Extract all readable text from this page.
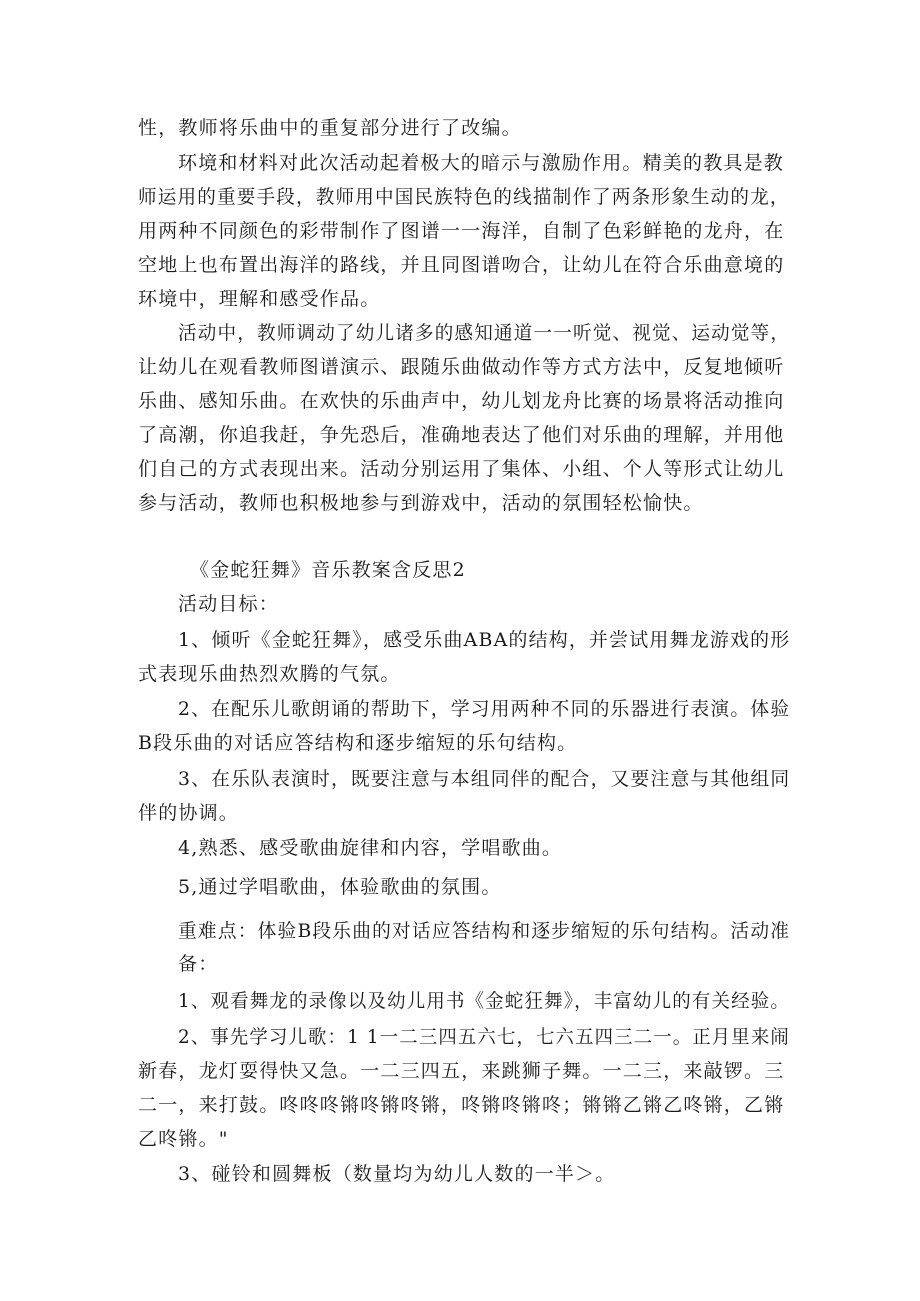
性，教师将乐曲中的重复部分进行了改编。
环境和材料对此次活动起着极大的暗示与激励作用。精美的教具是教
师运用的重要手段，教师用中国民族特色的线描制作了两条形象生动的龙，
用两种不同颜色的彩带制作了图谱一一海洋，自制了色彩鲜艳的龙舟，在
空地上也布置出海洋的路线，并且同图谱吻合，让幼儿在符合乐曲意境的
环境中，理解和感受作品。
活动中，教师调动了幼儿诸多的感知通道一一听觉、视觉、运动觉等，
让幼儿在观看教师图谱演示、跟随乐曲做动作等方式方法中，反复地倾听
乐曲、感知乐曲。在欢快的乐曲声中，幼儿划龙舟比赛的场景将活动推向
了高潮，你追我赶，争先恐后，准确地表达了他们对乐曲的理解，并用他
们自己的方式表现出来。活动分别运用了集体、小组、个人等形式让幼儿
参与活动，教师也积极地参与到游戏中，活动的氛围轻松愉快。
《金蛇狂舞》音乐教案含反思2
活动目标：
1、倾听《金蛇狂舞》，感受乐曲ABA的结构，并尝试用舞龙游戏的形
式表现乐曲热烈欢腾的气氛。
2、在配乐儿歌朗诵的帮助下，学习用两种不同的乐器进行表演。体验
B段乐曲的对话应答结构和逐步缩短的乐句结构。
3、在乐队表演时，既要注意与本组同伴的配合，又要注意与其他组同
伴的协调。
4,熟悉、感受歌曲旋律和内容，学唱歌曲。
5,通过学唱歌曲，体验歌曲的氛围。
重难点：体验B段乐曲的对话应答结构和逐步缩短的乐句结构。活动准
备：
1、观看舞龙的录像以及幼儿用书《金蛇狂舞》，丰富幼儿的有关经验。
2、事先学习儿歌：1 1一二三四五六七，七六五四三二一。正月里来闹
新春，龙灯耍得快又急。一二三四五，来跳狮子舞。一二三，来敲锣。三
二一，来打鼓。咚咚咚锵咚锵咚锵，咚锵咚锵咚；锵锵乙锵乙咚锵，乙锵
乙咚锵。"
3、碰铃和圆舞板（数量均为幼儿人数的一半＞。
